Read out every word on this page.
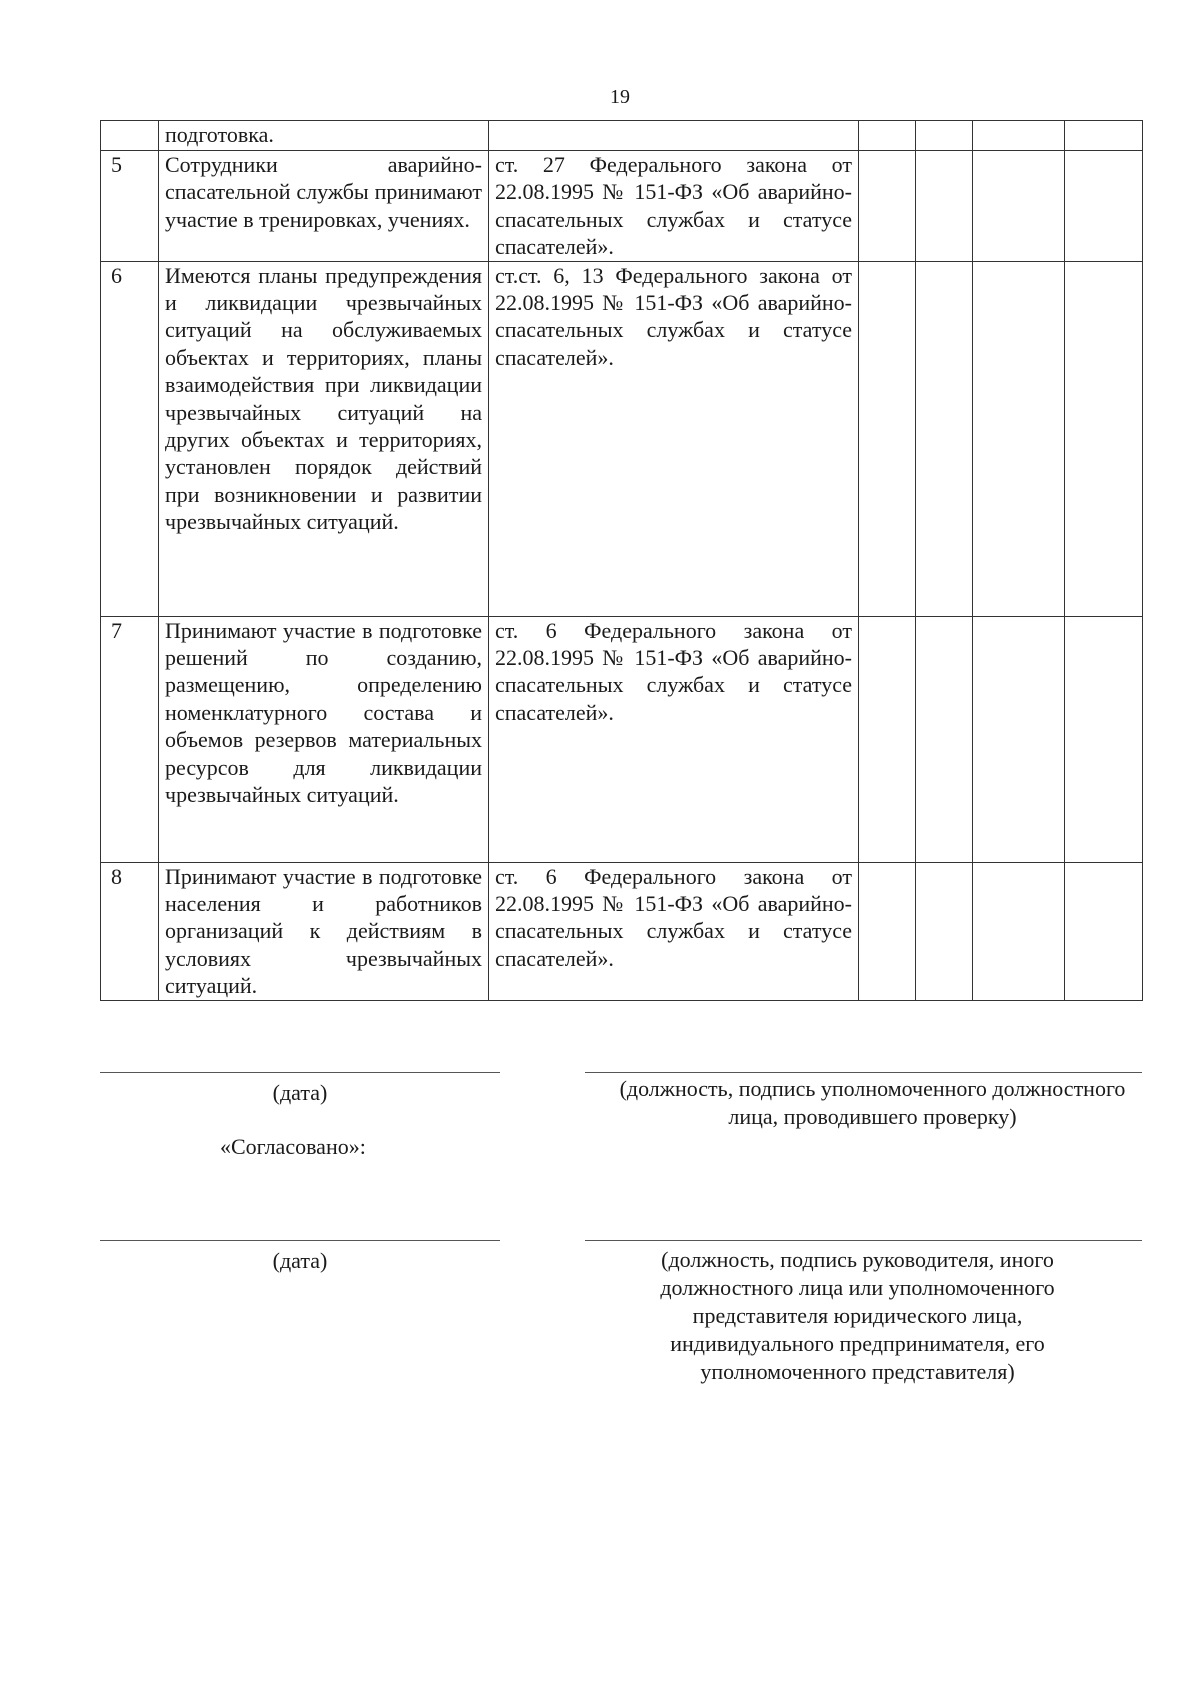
19
	подготовка.					
5	Сотрудники аварийно-спасательной службы принимают участие в тренировках, учениях.	ст. 27 Федерального закона от 22.08.1995 № 151-ФЗ «Об аварийно-спасательных службах и статусе спасателей».				
6	Имеются планы предупреждения и ликвидации чрезвычайных ситуаций на обслуживаемых объектах и территориях, планы взаимодействия при ликвидации чрезвычайных ситуаций на других объектах и территориях, установлен порядок действий при возникновении и развитии чрезвычайных ситуаций.	ст.ст. 6, 13 Федерального закона от 22.08.1995 № 151-ФЗ «Об аварийно-спасательных службах и статусе спасателей».				
7	Принимают участие в подготовке решений по созданию, размещению, определению номенклатурного состава и объемов резервов материальных ресурсов для ликвидации чрезвычайных ситуаций.	ст. 6 Федерального закона от 22.08.1995 № 151-ФЗ «Об аварийно-спасательных службах и статусе спасателей».				
8	Принимают участие в подготовке населения и работников организаций к действиям в условиях чрезвычайных ситуаций.	ст. 6 Федерального закона от 22.08.1995 № 151-ФЗ «Об аварийно-спасательных службах и статусе спасателей».				
(дата)	(должность, подпись уполномоченного должностного лица, проводившего проверку)
«Согласовано»:
(дата)	(должность, подпись руководителя, иного должностного лица или уполномоченного представителя юридического лица, индивидуального предпринимателя, его уполномоченного представителя)
